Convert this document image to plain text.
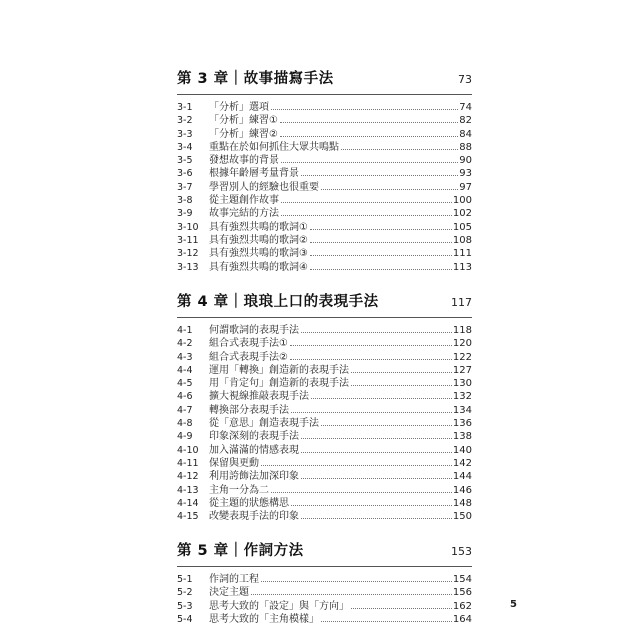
第 3 章｜故事描寫手法	73
3-1	「分析」選項	74
3-2	「分析」練習①	82
3-3	「分析」練習②	84
3-4	重點在於如何抓住大眾共鳴點	88
3-5	發想故事的背景	90
3-6	根據年齡層考量背景	93
3-7	學習別人的經驗也很重要	97
3-8	從主題創作故事	100
3-9	故事完結的方法	102
3-10	具有強烈共鳴的歌詞①	105
3-11	具有強烈共鳴的歌詞②	108
3-12	具有強烈共鳴的歌詞③	111
3-13	具有強烈共鳴的歌詞④	113
第 4 章｜琅琅上口的表現手法	117
4-1	何謂歌詞的表現手法	118
4-2	組合式表現手法①	120
4-3	組合式表現手法②	122
4-4	運用「轉換」創造新的表現手法	127
4-5	用「肯定句」創造新的表現手法	130
4-6	擴大視線推敲表現手法	132
4-7	轉換部分表現手法	134
4-8	從「意思」創造表現手法	136
4-9	印象深刻的表現手法	138
4-10	加入滿滿的情感表現	140
4-11	保留與更動	142
4-12	利用誇飾法加深印象	144
4-13	主角一分為二	146
4-14	從主題的狀態構思	148
4-15	改變表現手法的印象	150
第 5 章｜作詞方法	153
5-1	作詞的工程	154
5-2	決定主題	156
5-3	思考大致的「設定」與「方向」	162
5-4	思考大致的「主角模樣」	164
5
